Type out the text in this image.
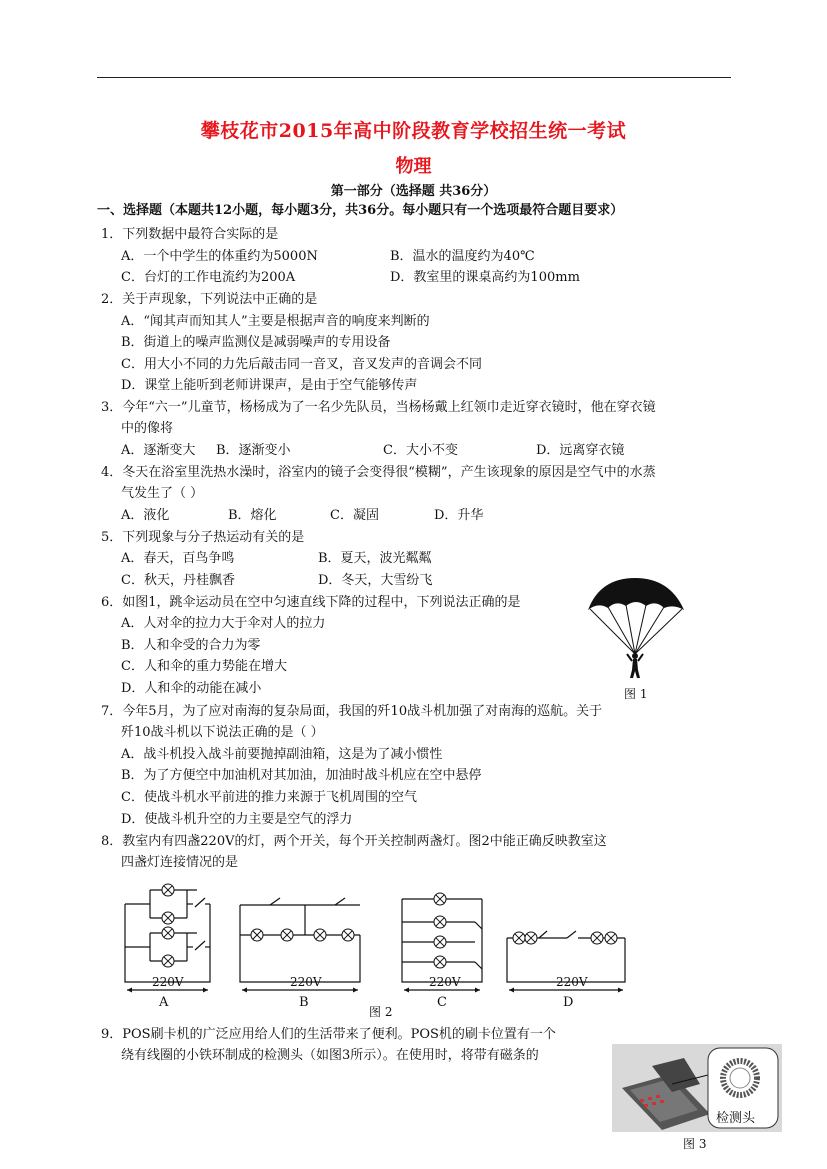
攀枝花市2015年高中阶段教育学校招生统一考试
物理
第一部分（选择题 共36分）
一、选择题（本题共12小题，每小题3分，共36分。每小题只有一个选项最符合题目要求）
1．下列数据中最符合实际的是
A．一个中学生的体重约为5000N	B．温水的温度约为40℃
C．台灯的工作电流约为200A	D．教室里的课桌高约为100mm
2．关于声现象，下列说法中正确的是
A．“闻其声而知其人”主要是根据声音的响度来判断的
B．街道上的噪声监测仪是减弱噪声的专用设备
C．用大小不同的力先后敲击同一音叉，音叉发声的音调会不同
D．课堂上能听到老师讲课声，是由于空气能够传声
3．今年“六一”儿童节，杨杨成为了一名少先队员，当杨杨戴上红领巾走近穿衣镜时，他在穿衣镜
中的像将
A．逐渐变大 B．逐渐变小	C．大小不变	D．远离穿衣镜
4．冬天在浴室里洗热水澡时，浴室内的镜子会变得很“模糊”，产生该现象的原因是空气中的水蒸
气发生了（ ）
A．液化	B．熔化	C．凝固	D．升华
5．下列现象与分子热运动有关的是
A．春天，百鸟争鸣	B．夏天，波光粼粼
C．秋天，丹桂飘香	D．冬天，大雪纷飞
6．如图1，跳伞运动员在空中匀速直线下降的过程中，下列说法正确的是
A．人对伞的拉力大于伞对人的拉力
B．人和伞受的合力为零
C．人和伞的重力势能在增大
D．人和伞的动能在减小	图 1
7．今年5月，为了应对南海的复杂局面，我国的歼10战斗机加强了对南海的巡航。关于
歼10战斗机以下说法正确的是（ ）
A．战斗机投入战斗前要抛掉副油箱，这是为了减小惯性
B．为了方便空中加油机对其加油，加油时战斗机应在空中悬停
C．使战斗机水平前进的推力来源于飞机周围的空气
D．使战斗机升空的力主要是空气的浮力
8．教室内有四盏220V的灯，两个开关，每个开关控制两盏灯。图2中能正确反映教室这
四盏灯连接情况的是
220V	220V	220V	220V
A	B	C	D
图 2
9．POS刷卡机的广泛应用给人们的生活带来了便利。POS机的刷卡位置有一个
绕有线圈的小铁环制成的检测头（如图3所示）。在使用时，将带有磁条的
检测头
图 3
